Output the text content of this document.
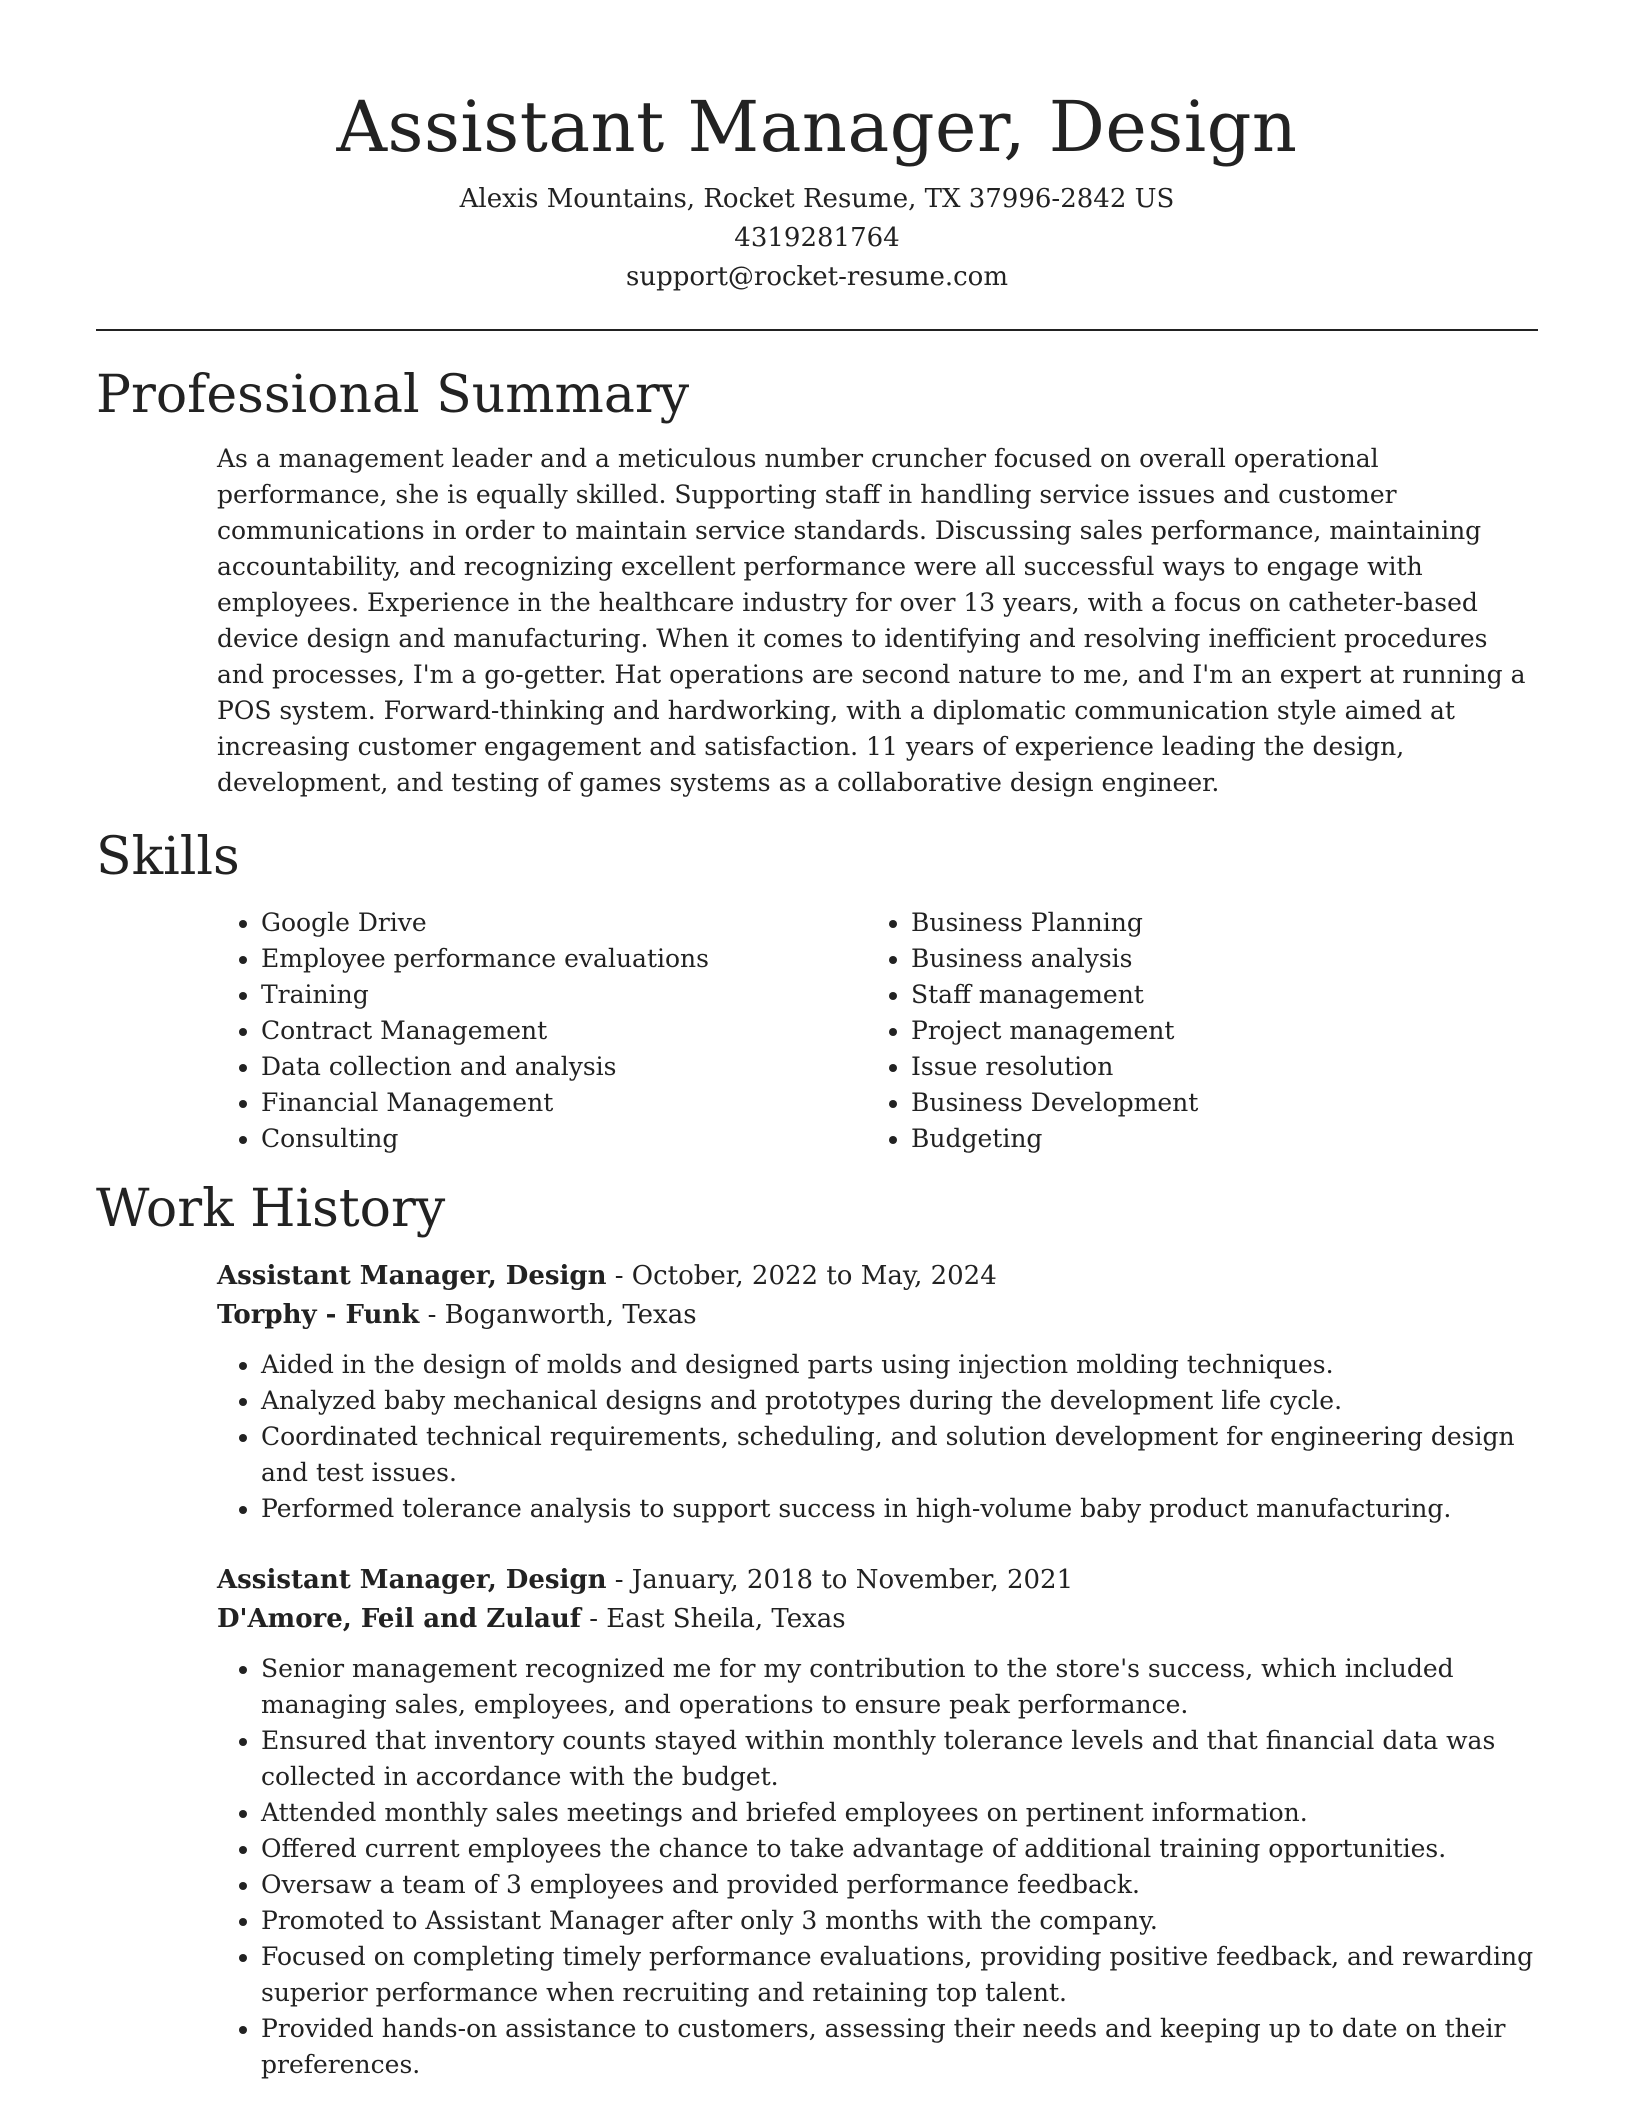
Assistant Manager, Design

Alexis Mountains, Rocket Resume, TX 37996-2842 US

4319281764

support@rocket-resume.com

Professional Summary

As a management leader and a meticulous number cruncher focused on overall operational performance, she is equally skilled. Supporting staff in handling service issues and customer communications in order to maintain service standards. Discussing sales performance, maintaining accountability, and recognizing excellent performance were all successful ways to engage with employees. Experience in the healthcare industry for over 13 years, with a focus on catheter-based device design and manufacturing. When it comes to identifying and resolving inefficient procedures and processes, I'm a go-getter. Hat operations are second nature to me, and I'm an expert at running a POS system. Forward-thinking and hardworking, with a diplomatic communication style aimed at increasing customer engagement and satisfaction. 11 years of experience leading the design, development, and testing of games systems as a collaborative design engineer.

Skills
• Google Drive
• Employee performance evaluations
• Training
• Contract Management
• Data collection and analysis
• Financial Management
• Consulting
• Business Planning
• Business analysis
• Staff management
• Project management
• Issue resolution
• Business Development
• Budgeting
Work History

Assistant Manager, Design - October, 2022 to May, 2024

Torphy - Funk - Boganworth, Texas

• Aided in the design of molds and designed parts using injection molding techniques.
• Analyzed baby mechanical designs and prototypes during the development life cycle.
• Coordinated technical requirements, scheduling, and solution development for engineering design and test issues.
• Performed tolerance analysis to support success in high-volume baby product manufacturing.

Assistant Manager, Design - January, 2018 to November, 2021

D'Amore, Feil and Zulauf - East Sheila, Texas

• Senior management recognized me for my contribution to the store's success, which included managing sales, employees, and operations to ensure peak performance.
• Ensured that inventory counts stayed within monthly tolerance levels and that financial data was collected in accordance with the budget.
• Attended monthly sales meetings and briefed employees on pertinent information.
• Offered current employees the chance to take advantage of additional training opportunities.
• Oversaw a team of 3 employees and provided performance feedback.
• Promoted to Assistant Manager after only 3 months with the company.
• Focused on completing timely performance evaluations, providing positive feedback, and rewarding superior performance when recruiting and retaining top talent.
• Provided hands-on assistance to customers, assessing their needs and keeping up to date on their preferences.
